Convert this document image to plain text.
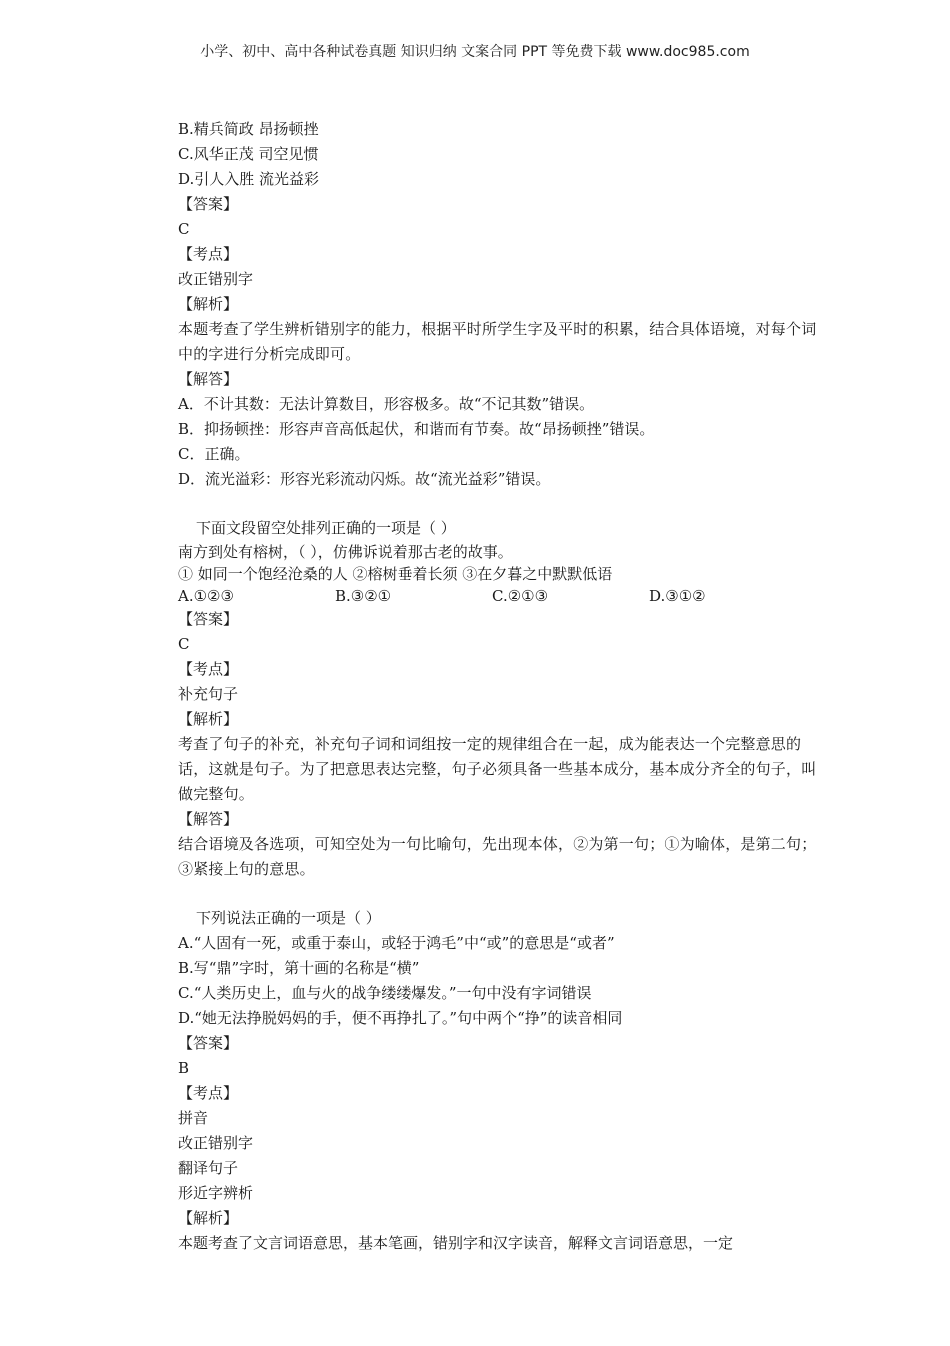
小学、初中、高中各种试卷真题 知识归纳 文案合同 PPT 等免费下载 www.doc985.com
B.精兵简政 昂扬顿挫
C.风华正茂 司空见惯
D.引人入胜 流光益彩
【答案】
C
【考点】
改正错别字
【解析】
本题考查了学生辨析错别字的能力，根据平时所学生字及平时的积累，结合具体语境，对每个词中的字进行分析完成即可。
【解答】
A．不计其数：无法计算数目，形容极多。故“不记其数”错误。
B．抑扬顿挫：形容声音高低起伏，和谐而有节奏。故“昂扬顿挫”错误。
C．正确。
D．流光溢彩：形容光彩流动闪烁。故“流光益彩”错误。
下面文段留空处排列正确的一项是（ ）
南方到处有榕树，（ ），仿佛诉说着那古老的故事。
① 如同一个饱经沧桑的人 ②榕树垂着长须 ③在夕暮之中默默低语
A.①②③	B.③②①	C.②①③	D.③①②
【答案】
C
【考点】
补充句子
【解析】
考查了句子的补充，补充句子词和词组按一定的规律组合在一起，成为能表达一个完整意思的话，这就是句子。为了把意思表达完整，句子必须具备一些基本成分，基本成分齐全的句子，叫做完整句。
【解答】
结合语境及各选项，可知空处为一句比喻句，先出现本体，②为第一句；①为喻体，是第二句；③紧接上句的意思。
下列说法正确的一项是（ ）
A.“人固有一死，或重于泰山，或轻于鸿毛”中“或”的意思是“或者”
B.写“鼎”字时，第十画的名称是“横”
C.“人类历史上，血与火的战争缕缕爆发。”一句中没有字词错误
D.“她无法挣脱妈妈的手，便不再挣扎了。”句中两个“挣”的读音相同
【答案】
B
【考点】
拼音
改正错别字
翻译句子
形近字辨析
【解析】
本题考查了文言词语意思，基本笔画，错别字和汉字读音，解释文言词语意思，一定
